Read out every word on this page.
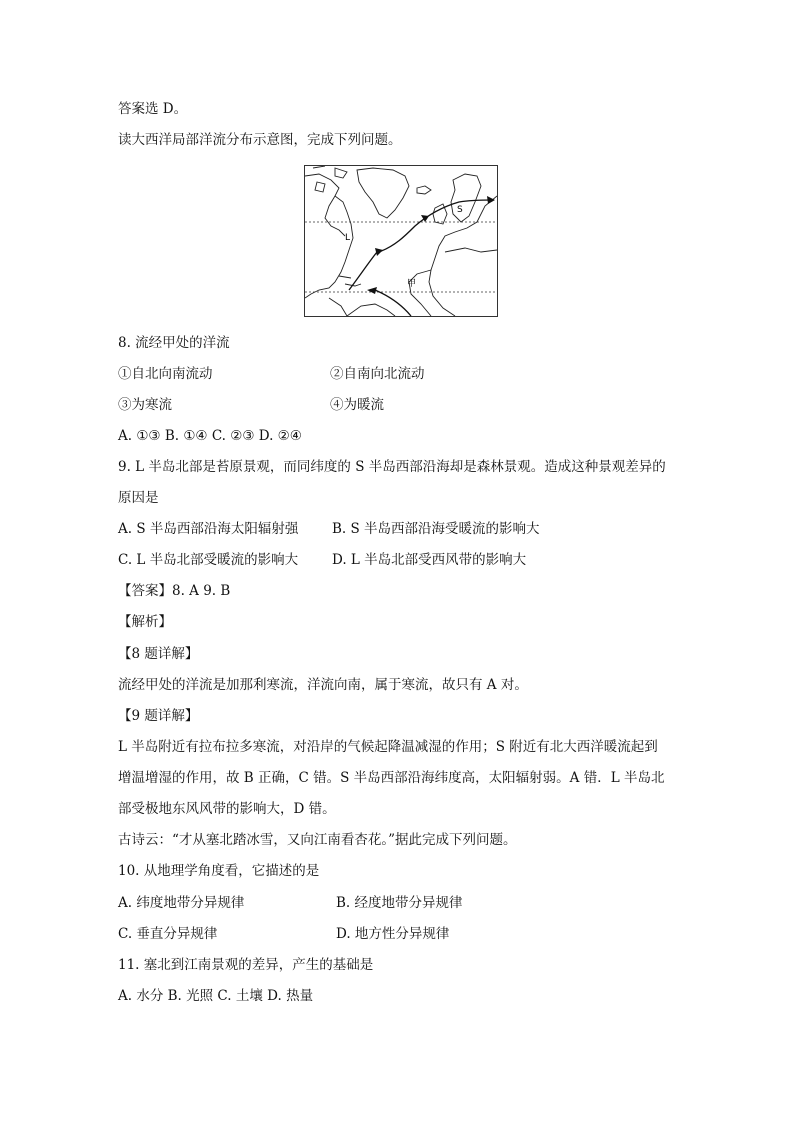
答案选 D。
读大西洋局部洋流分布示意图，完成下列问题。
L
S
甲
8. 流经甲处的洋流
①自北向南流动	②自南向北流动
③为寒流	④为暖流
A. ①③ B. ①④ C. ②③ D. ②④
9. L 半岛北部是苔原景观，而同纬度的 S 半岛西部沿海却是森林景观。造成这种景观差异的
原因是
A. S 半岛西部沿海太阳辐射强 B. S 半岛西部沿海受暖流的影响大
C. L 半岛北部受暖流的影响大	D. L 半岛北部受西风带的影响大
【答案】8. A 9. B
【解析】
【8 题详解】
流经甲处的洋流是加那利寒流，洋流向南，属于寒流，故只有 A 对。
【9 题详解】
L 半岛附近有拉布拉多寒流，对沿岸的气候起降温减湿的作用；S 附近有北大西洋暖流起到
增温增湿的作用，故 B 正确，C 错。S 半岛西部沿海纬度高，太阳辐射弱。A 错．L 半岛北
部受极地东风风带的影响大，D 错。
古诗云：“才从塞北踏冰雪，又向江南看杏花。”据此完成下列问题。
10. 从地理学角度看，它描述的是
A. 纬度地带分异规律	B. 经度地带分异规律
C. 垂直分异规律	D. 地方性分异规律
11. 塞北到江南景观的差异，产生的基础是
A. 水分 B. 光照 C. 土壤 D. 热量
